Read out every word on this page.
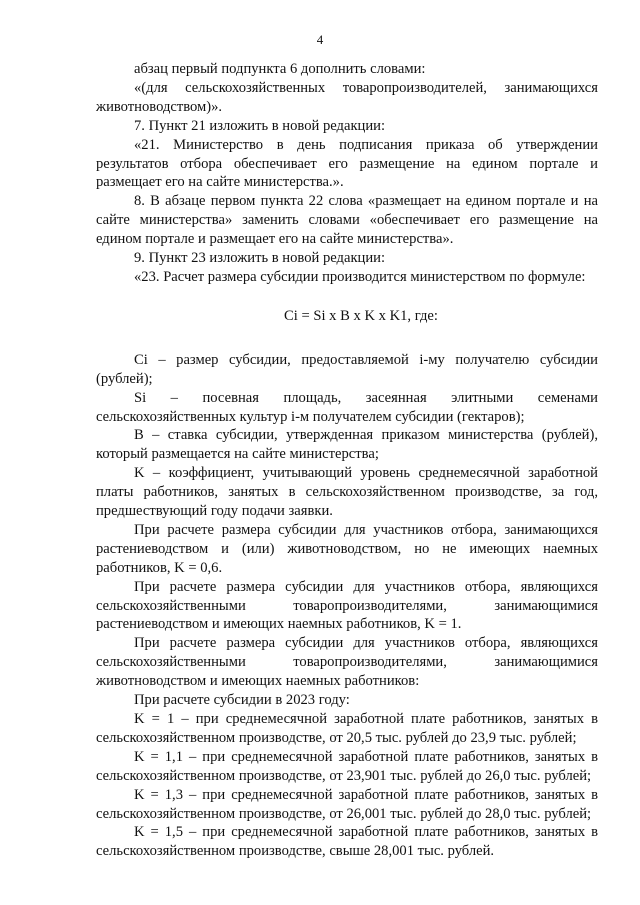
4

абзац первый подпункта 6 дополнить словами:

«(для сельскохозяйственных товаропроизводителей, занимающихся животноводством)».

7. Пункт 21 изложить в новой редакции:

«21. Министерство в день подписания приказа об утверждении результатов отбора обеспечивает его размещение на едином портале и размещает его на сайте министерства.».

8. В абзаце первом пункта 22 слова «размещает на едином портале и на сайте министерства» заменить словами «обеспечивает его размещение на едином портале и размещает его на сайте министерства».

9. Пункт 23 изложить в новой редакции:

«23. Расчет размера субсидии производится министерством по формуле:

Ci = Si x B x K x K1, где:

Ci – размер субсидии, предоставляемой i-му получателю субсидии (рублей);

Si – посевная площадь, засеянная элитными семенами сельскохозяйственных культур i-м получателем субсидии (гектаров);

B – ставка субсидии, утвержденная приказом министерства (рублей), который размещается на сайте министерства;

K – коэффициент, учитывающий уровень среднемесячной заработной платы работников, занятых в сельскохозяйственном производстве, за год, предшествующий году подачи заявки.

При расчете размера субсидии для участников отбора, занимающихся растениеводством и (или) животноводством, но не имеющих наемных работников, K = 0,6.

При расчете размера субсидии для участников отбора, являющихся сельскохозяйственными товаропроизводителями, занимающимися растениеводством и имеющих наемных работников, K = 1.

При расчете размера субсидии для участников отбора, являющихся сельскохозяйственными товаропроизводителями, занимающимися животноводством и имеющих наемных работников:

При расчете субсидии в 2023 году:

K = 1 – при среднемесячной заработной плате работников, занятых в сельскохозяйственном производстве, от 20,5 тыс. рублей до 23,9 тыс. рублей;

K = 1,1 – при среднемесячной заработной плате работников, занятых в сельскохозяйственном производстве, от 23,901 тыс. рублей до 26,0 тыс. рублей;

K = 1,3 – при среднемесячной заработной плате работников, занятых в сельскохозяйственном производстве, от 26,001 тыс. рублей до 28,0 тыс. рублей;

K = 1,5 – при среднемесячной заработной плате работников, занятых в сельскохозяйственном производстве, свыше 28,001 тыс. рублей.
